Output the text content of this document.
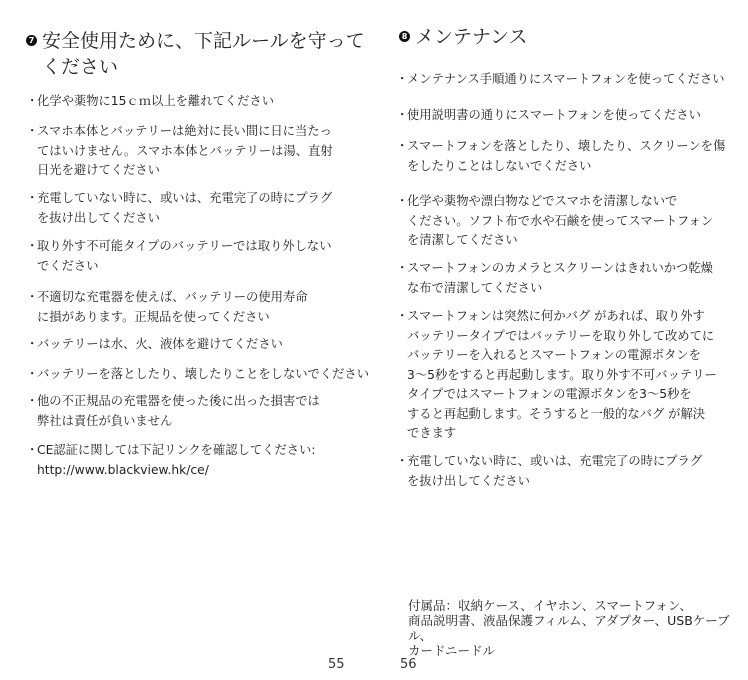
7 安全使用ために、下記ルールを守って
ください
・
化学や薬物に15ｃｍ以上を離れてください
・
スマホ本体とバッテリーは絶対に長い間に日に当たっ
てはいけません。スマホ本体とバッテリーは湯、直射
日光を避けてください
・
充電していない時に、或いは、充電完了の時にプラグ
を抜け出してください
・
取り外す不可能タイプのバッテリーでは取り外しない
でください
・
不適切な充電器を使えば、バッテリーの使用寿命
に損があります。正規品を使ってください
・
バッテリーは水、火、液体を避けてください
・
バッテリーを落としたり、壊したりことをしないでください
・
他の不正規品の充電器を使った後に出った損害では
弊社は責任が負いません
・
CE認証に関しては下記リンクを確認してください:
http://www.blackview.hk/ce/
55
8 メンテナンス
・
メンテナンス手順通りにスマートフォンを使ってください
・
使用説明書の通りにスマートフォンを使ってください
・
スマートフォンを落としたり、壊したり、スクリーンを傷
をしたりことはしないでください
・
化学や薬物や漂白物などでスマホを清潔しないで
ください。ソフト布で水や石鹸を使ってスマートフォン
を清潔してください
・
スマートフォンのカメラとスクリーンはきれいかつ乾燥
な布で清潔してください
・
スマートフォンは突然に何かバグ があれば、取り外す
バッテリータイプではバッテリーを取り外して改めてに
バッテリーを入れるとスマートフォンの電源ボタンを
3～5秒をすると再起動します。取り外す不可バッテリー
タイプではスマートフォンの電源ボタンを3～5秒を
すると再起動します。そうすると一般的なバグ が解決
できます
・
充電していない時に、或いは、充電完了の時にプラグ
を抜け出してください
付属品：収納ケース、イヤホン、スマートフォン、
商品説明書、液晶保護フィルム、アダプター、USBケーブル、
カードニードル
56
